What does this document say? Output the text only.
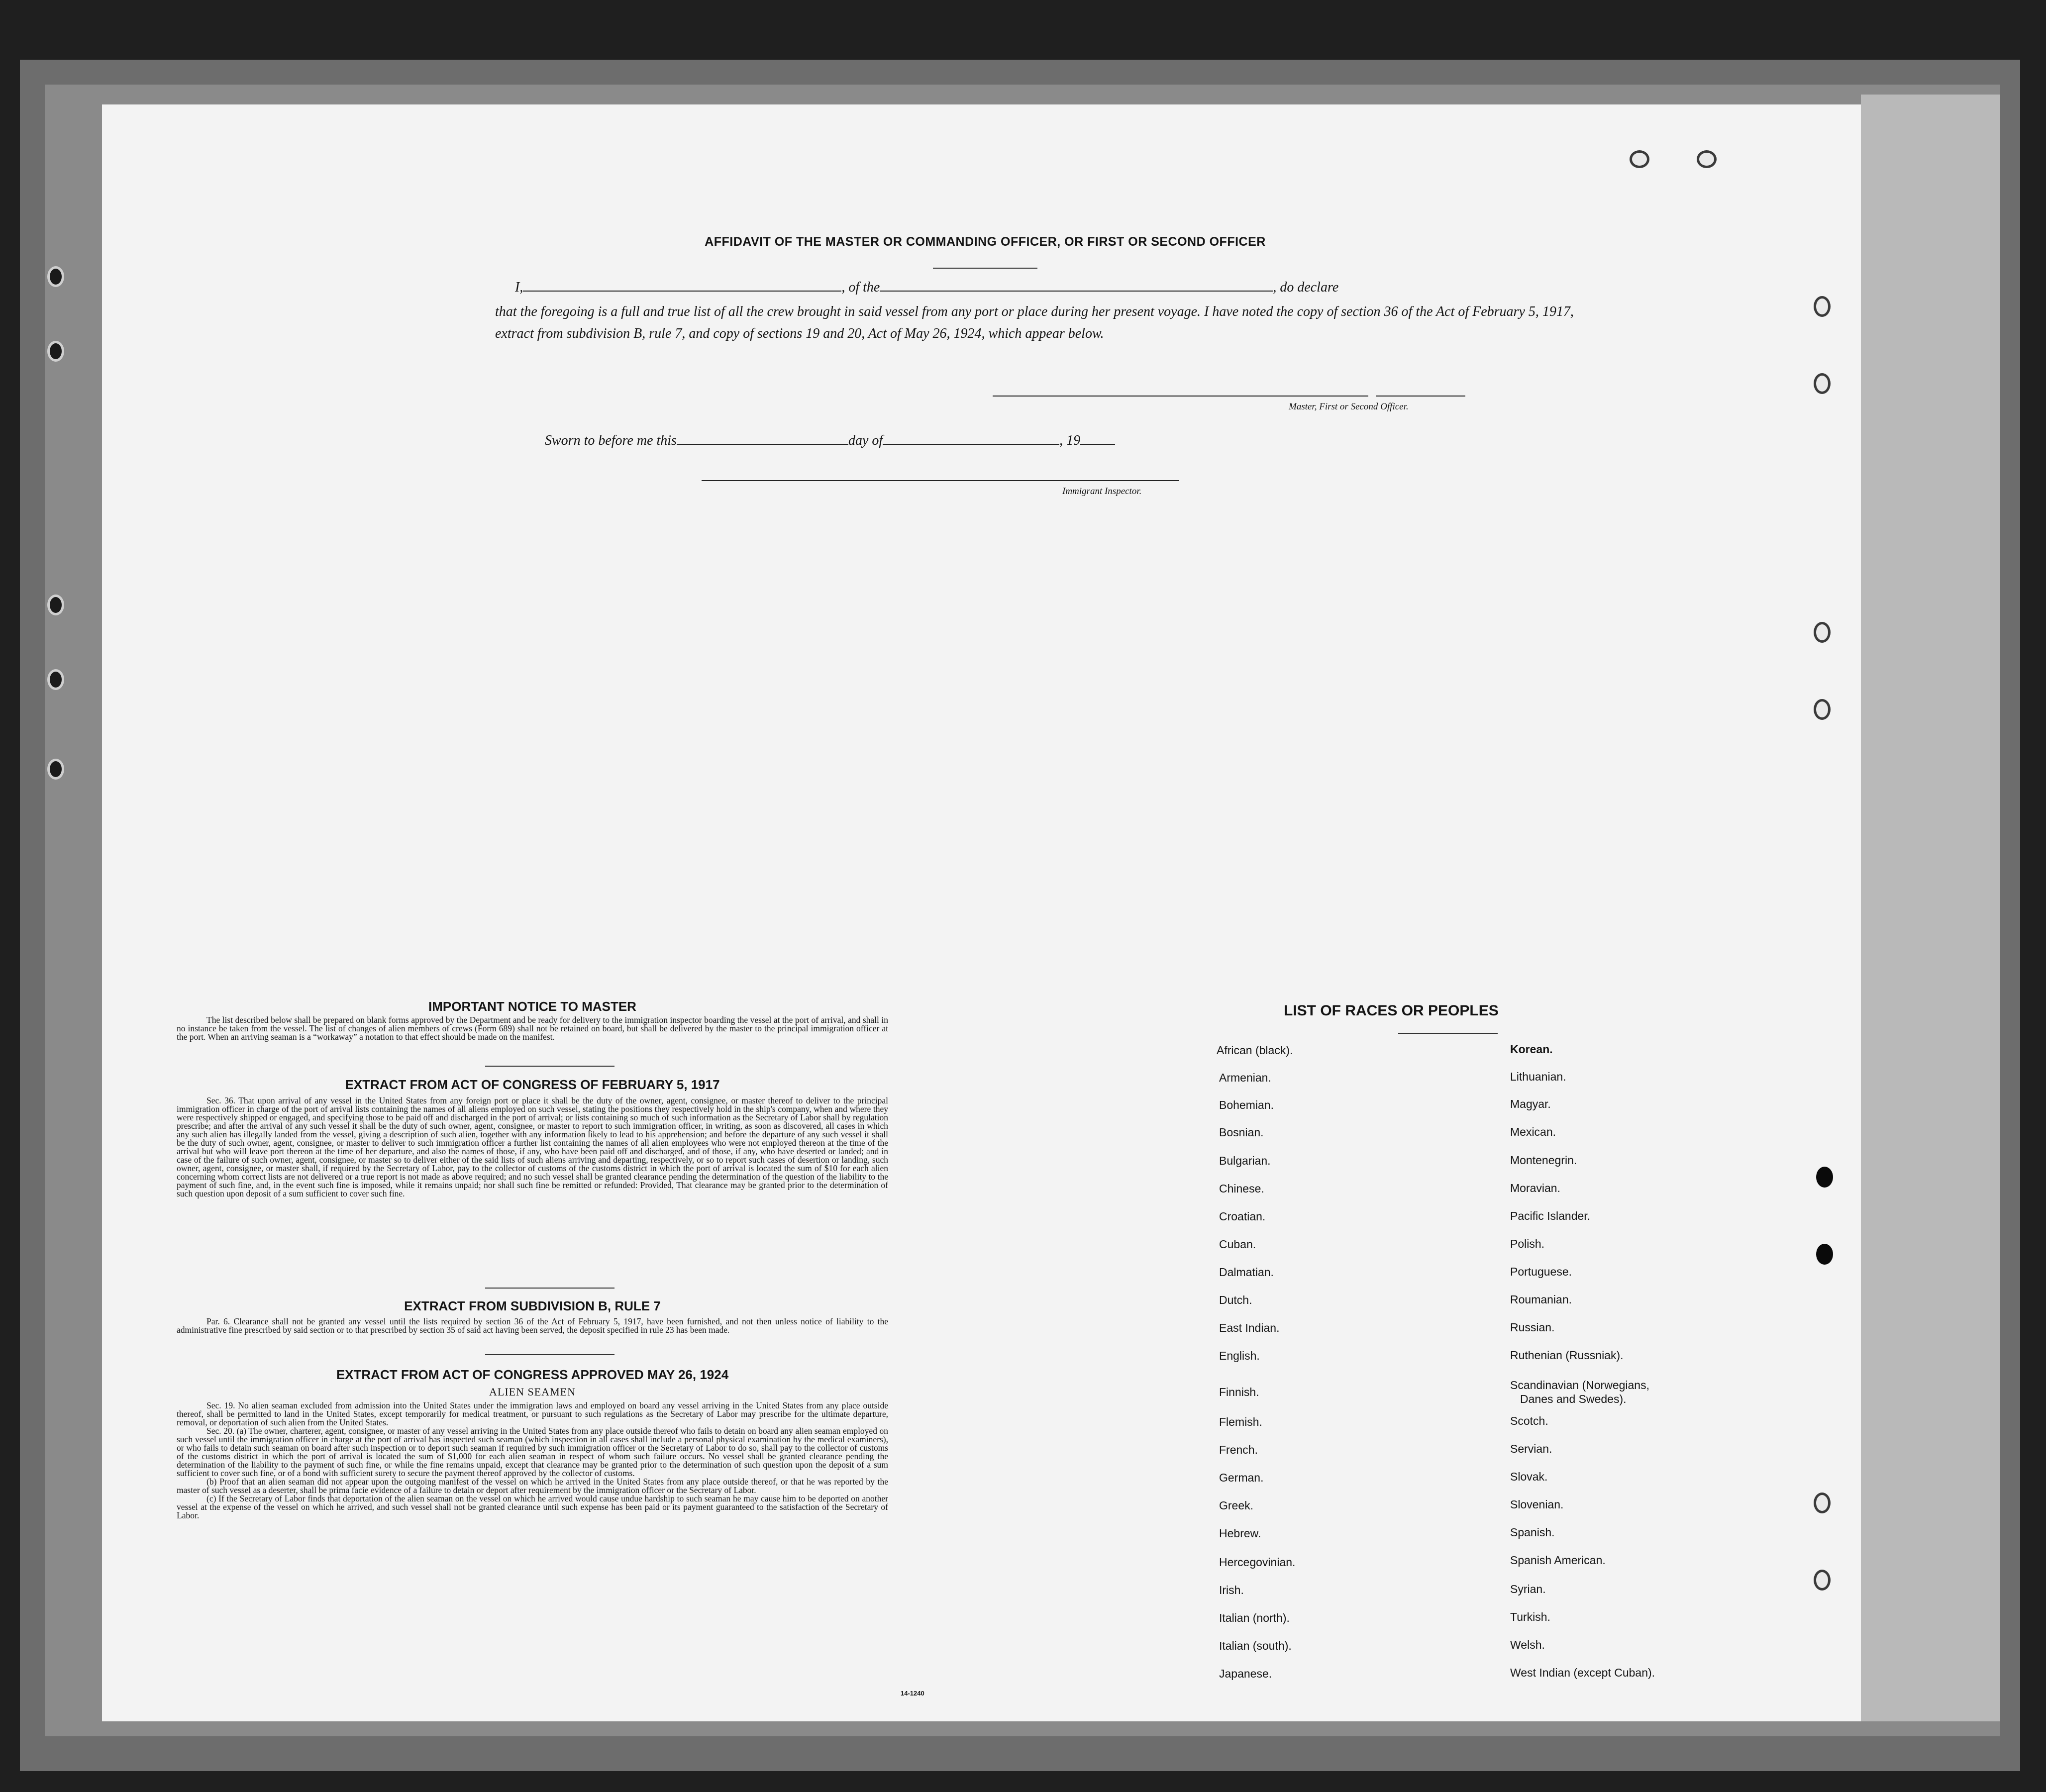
AFFIDAVIT OF THE MASTER OR COMMANDING OFFICER, OR FIRST OR SECOND OFFICER
I,	, of the	, do declare
that the foregoing is a full and true list of all the crew brought in said vessel from any port or place during her present voyage. I have noted the copy of section 36 of the Act of February 5, 1917, extract from subdivision B, rule 7, and copy of sections 19 and 20, Act of May 26, 1924, which appear below.
Master, First or Second Officer.
Sworn to before me this	day of	, 19
Immigrant Inspector.
IMPORTANT NOTICE TO MASTER
The list described below shall be prepared on blank forms approved by the Department and be ready for delivery to the immigration inspector boarding the vessel at the port of arrival, and shall in no instance be taken from the vessel. The list of changes of alien members of crews (Form 689) shall not be retained on board, but shall be delivered by the master to the principal immigration officer at the port. When an arriving seaman is a “workaway” a notation to that effect should be made on the manifest.
EXTRACT FROM ACT OF CONGRESS OF FEBRUARY 5, 1917
Sec. 36. That upon arrival of any vessel in the United States from any foreign port or place it shall be the duty of the owner, agent, consignee, or master thereof to deliver to the principal immigration officer in charge of the port of arrival lists containing the names of all aliens employed on such vessel, stating the positions they respectively hold in the ship's company, when and where they were respectively shipped or engaged, and specifying those to be paid off and discharged in the port of arrival; or lists containing so much of such information as the Secretary of Labor shall by regulation prescribe; and after the arrival of any such vessel it shall be the duty of such owner, agent, consignee, or master to report to such immigration officer, in writing, as soon as discovered, all cases in which any such alien has illegally landed from the vessel, giving a description of such alien, together with any information likely to lead to his apprehension; and before the departure of any such vessel it shall be the duty of such owner, agent, consignee, or master to deliver to such immigration officer a further list containing the names of all alien employees who were not employed thereon at the time of the arrival but who will leave port thereon at the time of her departure, and also the names of those, if any, who have been paid off and discharged, and of those, if any, who have deserted or landed; and in case of the failure of such owner, agent, consignee, or master so to deliver either of the said lists of such aliens arriving and departing, respectively, or so to report such cases of desertion or landing, such owner, agent, consignee, or master shall, if required by the Secretary of Labor, pay to the collector of customs of the customs district in which the port of arrival is located the sum of $10 for each alien concerning whom correct lists are not delivered or a true report is not made as above required; and no such vessel shall be granted clearance pending the determination of the question of the liability to the payment of such fine, and, in the event such fine is imposed, while it remains unpaid; nor shall such fine be remitted or refunded: Provided, That clearance may be granted prior to the determination of such question upon deposit of a sum sufficient to cover such fine.
EXTRACT FROM SUBDIVISION B, RULE 7
Par. 6. Clearance shall not be granted any vessel until the lists required by section 36 of the Act of February 5, 1917, have been furnished, and not then unless notice of liability to the administrative fine prescribed by said section or to that prescribed by section 35 of said act having been served, the deposit specified in rule 23 has been made.
EXTRACT FROM ACT OF CONGRESS APPROVED MAY 26, 1924
ALIEN SEAMEN

Sec. 19. No alien seaman excluded from admission into the United States under the immigration laws and employed on board any vessel arriving in the United States from any place outside thereof, shall be permitted to land in the United States, except temporarily for medical treatment, or pursuant to such regulations as the Secretary of Labor may prescribe for the ultimate departure, removal, or deportation of such alien from the United States.

Sec. 20. (a) The owner, charterer, agent, consignee, or master of any vessel arriving in the United States from any place outside thereof who fails to detain on board any alien seaman employed on such vessel until the immigration officer in charge at the port of arrival has inspected such seaman (which inspection in all cases shall include a personal physical examination by the medical examiners), or who fails to detain such seaman on board after such inspection or to deport such seaman if required by such immigration officer or the Secretary of Labor to do so, shall pay to the collector of customs of the customs district in which the port of arrival is located the sum of $1,000 for each alien seaman in respect of whom such failure occurs. No vessel shall be granted clearance pending the determination of the liability to the payment of such fine, or while the fine remains unpaid, except that clearance may be granted prior to the determination of such question upon the deposit of a sum sufficient to cover such fine, or of a bond with sufficient surety to secure the payment thereof approved by the collector of customs.

(b) Proof that an alien seaman did not appear upon the outgoing manifest of the vessel on which he arrived in the United States from any place outside thereof, or that he was reported by the master of such vessel as a deserter, shall be prima facie evidence of a failure to detain or deport after requirement by the immigration officer or the Secretary of Labor.

(c) If the Secretary of Labor finds that deportation of the alien seaman on the vessel on which he arrived would cause undue hardship to such seaman he may cause him to be deported on another vessel at the expense of the vessel on which he arrived, and such vessel shall not be granted clearance until such expense has been paid or its payment guaranteed to the satisfaction of the Secretary of Labor.

14-1240
LIST OF RACES OR PEOPLES
African (black).
Armenian.
Bohemian.
Bosnian.
Bulgarian.
Chinese.
Croatian.
Cuban.
Dalmatian.
Dutch.
East Indian.
English.
Finnish.
Flemish.
French.
German.
Greek.
Hebrew.
Hercegovinian.
Irish.
Italian (north).
Italian (south).
Japanese.
Korean.
Lithuanian.
Magyar.
Mexican.
Montenegrin.
Moravian.
Pacific Islander.
Polish.
Portuguese.
Roumanian.
Russian.
Ruthenian (Russniak).
Scandinavian (Norwegians,
Danes and Swedes).
Scotch.
Servian.
Slovak.
Slovenian.
Spanish.
Spanish American.
Syrian.
Turkish.
Welsh.
West Indian (except Cuban).
